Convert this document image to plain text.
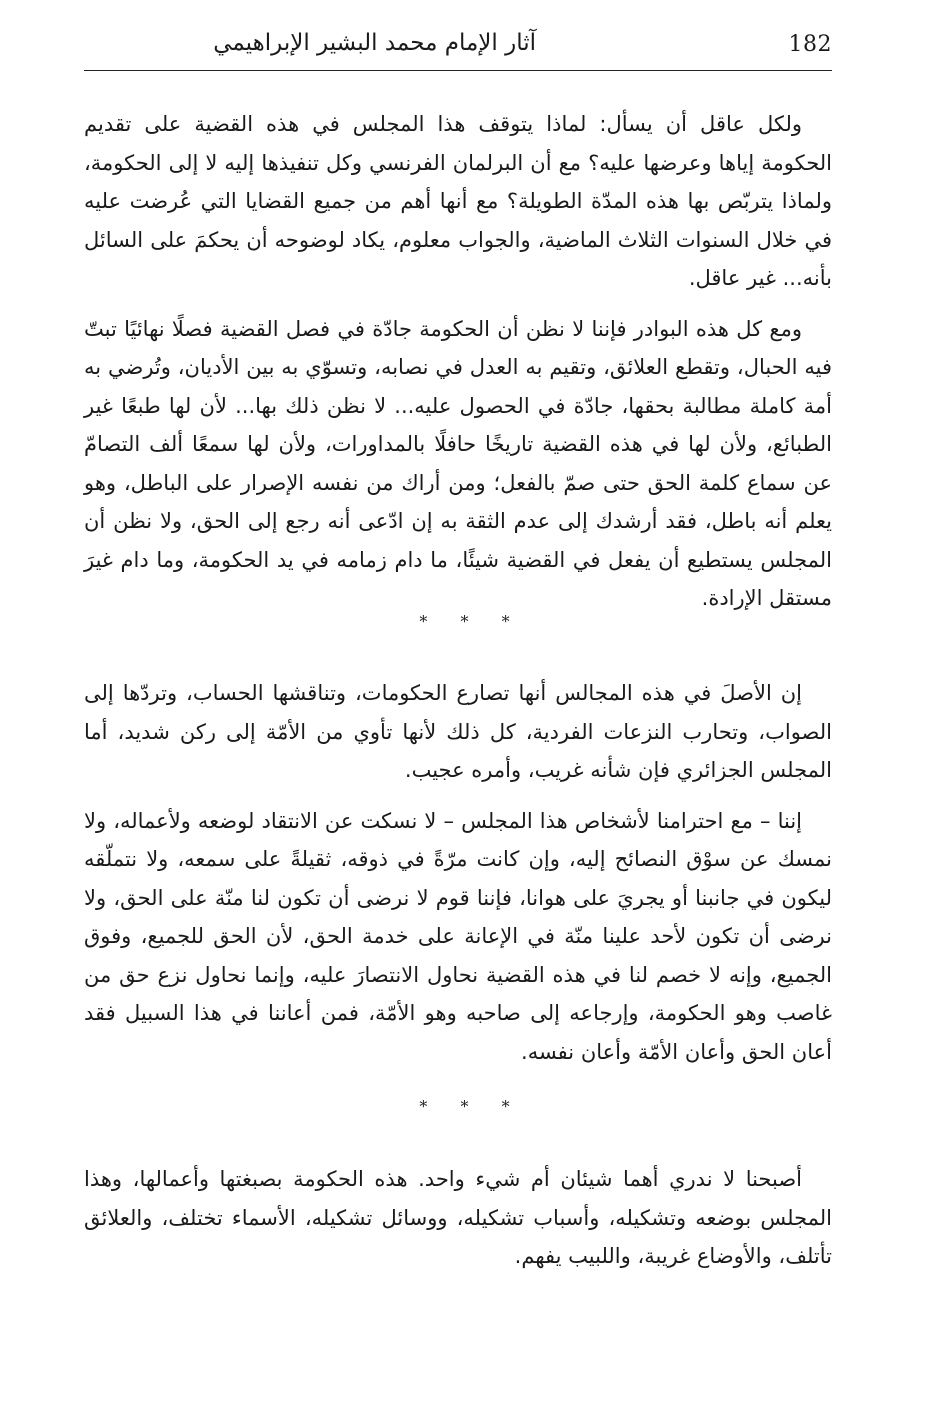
182
آثار الإمام محمد البشير الإبراهيمي

ولكل عاقل أن يسأل: لماذا يتوقف هذا المجلس في هذه القضية على تقديم الحكومة إياها وعرضها عليه؟ مع أن البرلمان الفرنسي وكل تنفيذها إليه لا إلى الحكومة، ولماذا يتربّص بها هذه المدّة الطويلة؟ مع أنها أهم من جميع القضايا التي عُرضت عليه في خلال السنوات الثلاث الماضية، والجواب معلوم، يكاد لوضوحه أن يحكمَ على السائل بأنه... غير عاقل.

ومع كل هذه البوادر فإننا لا نظن أن الحكومة جادّة في فصل القضية فصلًا نهائيًا تبتّ فيه الحبال، وتقطع العلائق، وتقيم به العدل في نصابه، وتسوّي به بين الأديان، وتُرضي به أمة كاملة مطالبة بحقها، جادّة في الحصول عليه... لا نظن ذلك بها... لأن لها طبعًا غير الطبائع، ولأن لها في هذه القضية تاريخًا حافلًا بالمداورات، ولأن لها سمعًا ألف التصامّ عن سماع كلمة الحق حتى صمّ بالفعل؛ ومن أراك من نفسه الإصرار على الباطل، وهو يعلم أنه باطل، فقد أرشدك إلى عدم الثقة به إن ادّعى أنه رجع إلى الحق، ولا نظن أن المجلس يستطيع أن يفعل في القضية شيئًا، ما دام زمامه في يد الحكومة، وما دام غيرَ مستقل الإرادة.

* * *

إن الأصلَ في هذه المجالس أنها تصارع الحكومات، وتناقشها الحساب، وتردّها إلى الصواب، وتحارب النزعات الفردية، كل ذلك لأنها تأوي من الأمّة إلى ركن شديد، أما المجلس الجزائري فإن شأنه غريب، وأمره عجيب.

إننا – مع احترامنا لأشخاص هذا المجلس – لا نسكت عن الانتقاد لوضعه ولأعماله، ولا نمسك عن سوْق النصائح إليه، وإن كانت مرّةً في ذوقه، ثقيلةً على سمعه، ولا نتملّقه ليكون في جانبنا أو يجريَ على هوانا، فإننا قوم لا نرضى أن تكون لنا منّة على الحق، ولا نرضى أن تكون لأحد علينا منّة في الإعانة على خدمة الحق، لأن الحق للجميع، وفوق الجميع، وإنه لا خصم لنا في هذه القضية نحاول الانتصارَ عليه، وإنما نحاول نزع حق من غاصب وهو الحكومة، وإرجاعه إلى صاحبه وهو الأمّة، فمن أعاننا في هذا السبيل فقد أعان الحق وأعان الأمّة وأعان نفسه.

* * *

أصبحنا لا ندري أهما شيئان أم شيء واحد. هذه الحكومة بصبغتها وأعمالها، وهذا المجلس بوضعه وتشكيله، وأسباب تشكيله، ووسائل تشكيله، الأسماء تختلف، والعلائق تأتلف، والأوضاع غريبة، واللبيب يفهم.
